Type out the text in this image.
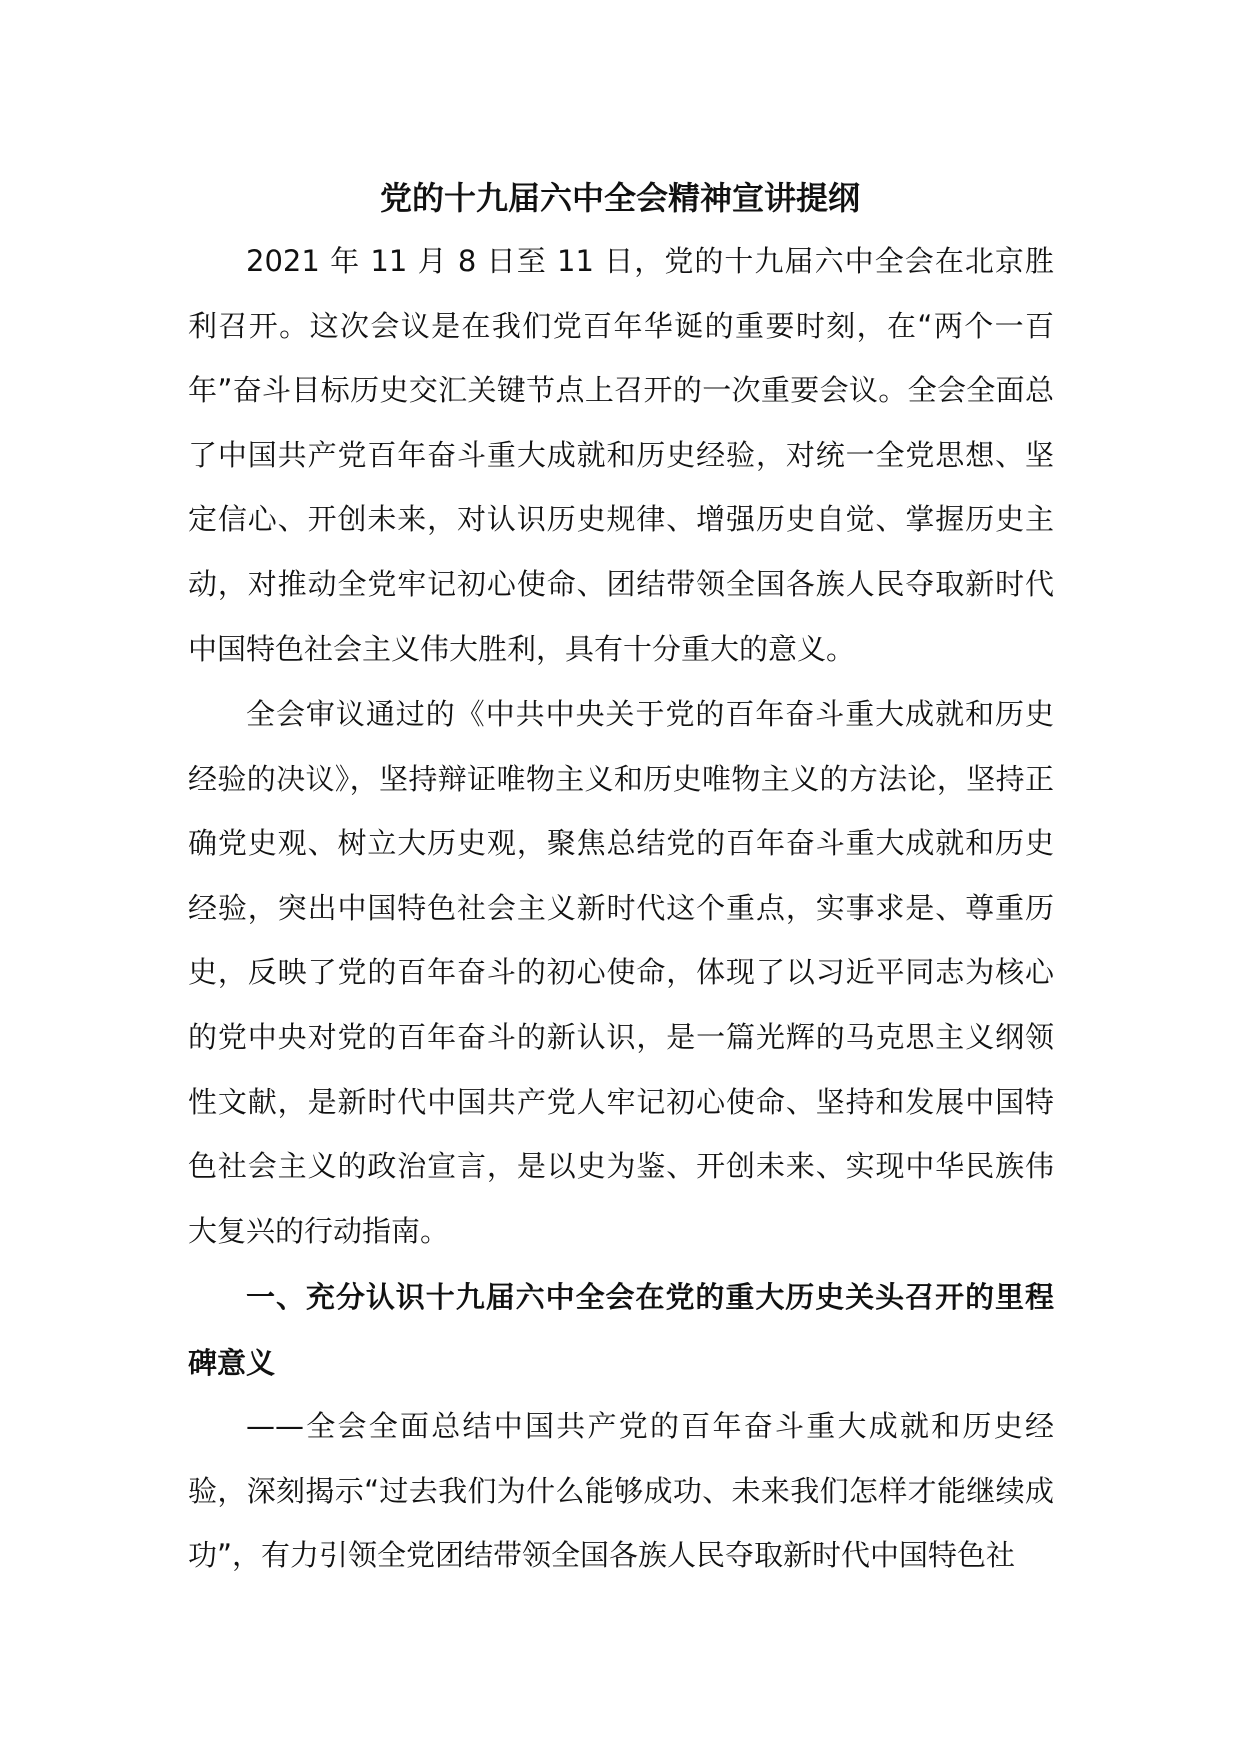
党的十九届六中全会精神宣讲提纲

2021 年 11 月 8 日至 11 日，党的十九届六中全会在北京胜利召开。这次会议是在我们党百年华诞的重要时刻，在“两个一百年”奋斗目标历史交汇关键节点上召开的一次重要会议。全会全面总了中国共产党百年奋斗重大成就和历史经验，对统一全党思想、坚定信心、开创未来，对认识历史规律、增强历史自觉、掌握历史主动，对推动全党牢记初心使命、团结带领全国各族人民夺取新时代中国特色社会主义伟大胜利，具有十分重大的意义。

全会审议通过的《中共中央关于党的百年奋斗重大成就和历史经验的决议》，坚持辩证唯物主义和历史唯物主义的方法论，坚持正确党史观、树立大历史观，聚焦总结党的百年奋斗重大成就和历史经验，突出中国特色社会主义新时代这个重点，实事求是、尊重历史，反映了党的百年奋斗的初心使命，体现了以习近平同志为核心的党中央对党的百年奋斗的新认识，是一篇光辉的马克思主义纲领性文献，是新时代中国共产党人牢记初心使命、坚持和发展中国特色社会主义的政治宣言，是以史为鉴、开创未来、实现中华民族伟大复兴的行动指南。

一、充分认识十九届六中全会在党的重大历史关头召开的里程碑意义

——全会全面总结中国共产党的百年奋斗重大成就和历史经验，深刻揭示“过去我们为什么能够成功、未来我们怎样才能继续成功”，有力引领全党团结带领全国各族人民夺取新时代中国特色社
